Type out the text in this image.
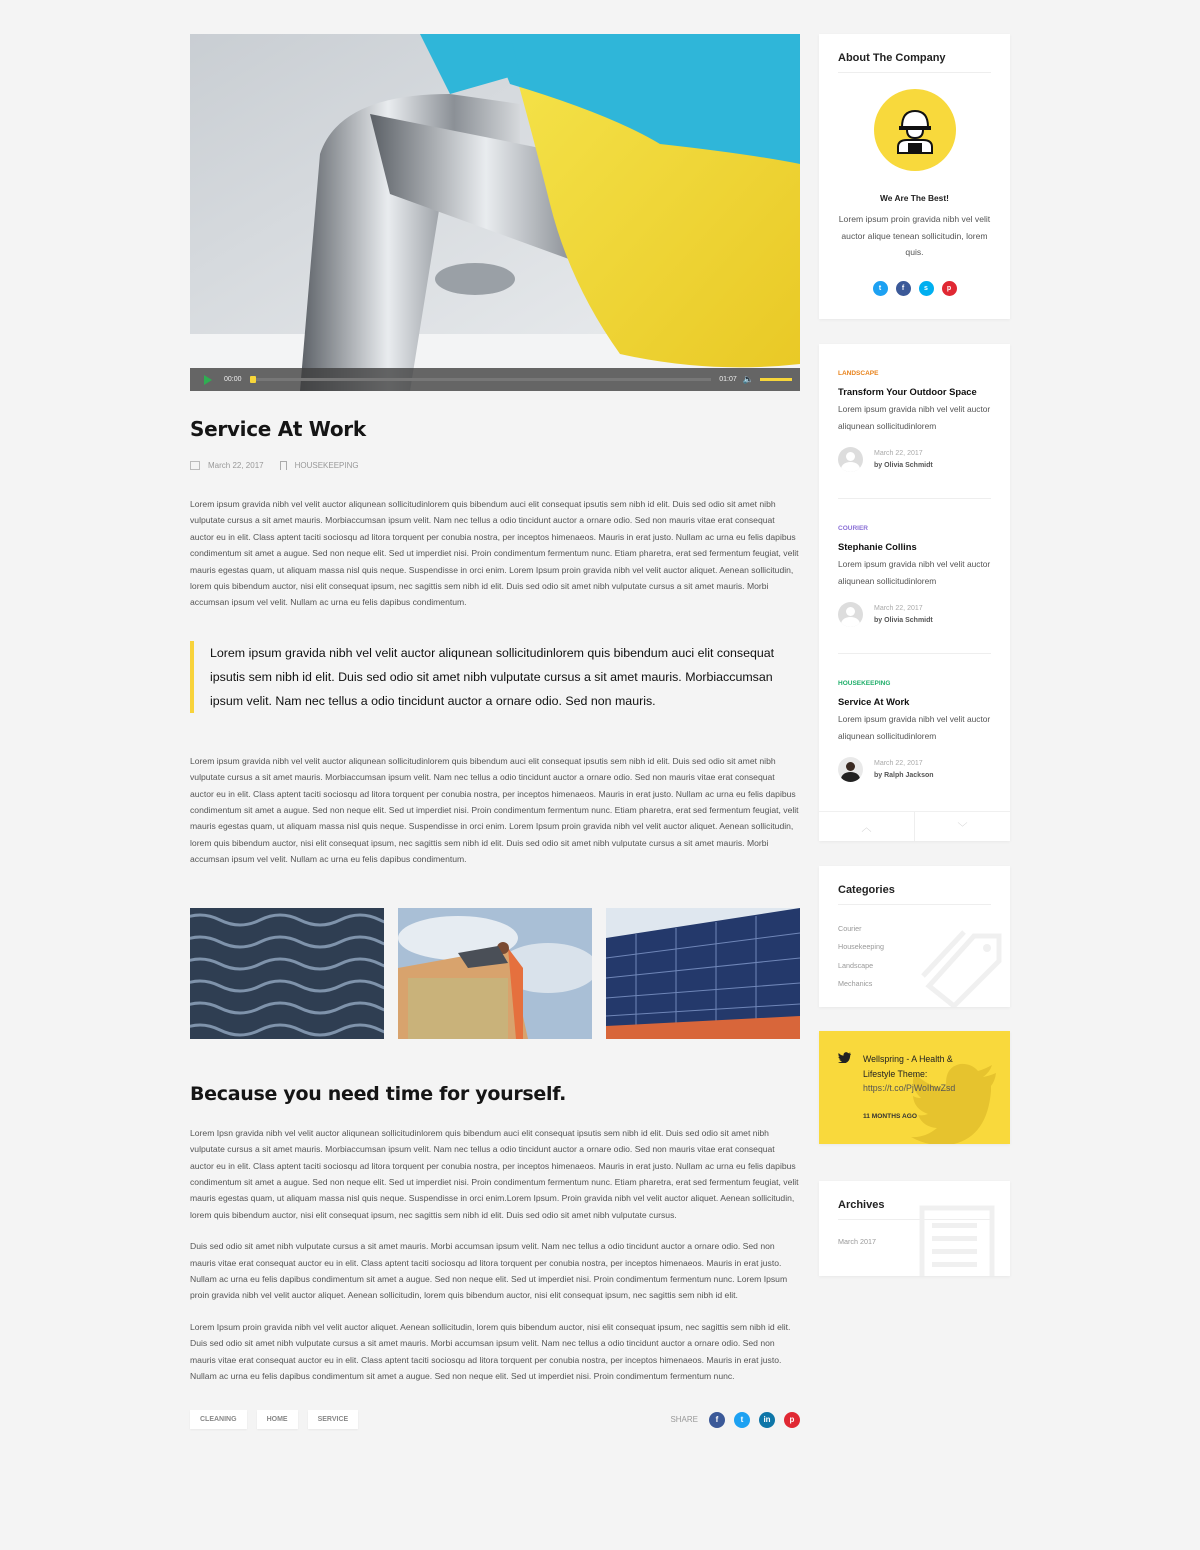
00:00	01:07 🔈
Service At Work
March 22, 2017	HOUSEKEEPING

Lorem ipsum gravida nibh vel velit auctor aliqunean sollicitudinlorem quis bibendum auci elit consequat ipsutis sem nibh id elit. Duis sed odio sit amet nibh vulputate cursus a sit amet mauris. Morbiaccumsan ipsum velit. Nam nec tellus a odio tincidunt auctor a ornare odio. Sed non mauris vitae erat consequat auctor eu in elit. Class aptent taciti sociosqu ad litora torquent per conubia nostra, per inceptos himenaeos. Mauris in erat justo. Nullam ac urna eu felis dapibus condimentum sit amet a augue. Sed non neque elit. Sed ut imperdiet nisi. Proin condimentum fermentum nunc. Etiam pharetra, erat sed fermentum feugiat, velit mauris egestas quam, ut aliquam massa nisl quis neque. Suspendisse in orci enim. Lorem Ipsum proin gravida nibh vel velit auctor aliquet. Aenean sollicitudin, lorem quis bibendum auctor, nisi elit consequat ipsum, nec sagittis sem nibh id elit. Duis sed odio sit amet nibh vulputate cursus a sit amet mauris. Morbi accumsan ipsum vel velit. Nullam ac urna eu felis dapibus condimentum.

Lorem ipsum gravida nibh vel velit auctor aliqunean sollicitudinlorem quis bibendum auci elit consequat ipsutis sem nibh id elit. Duis sed odio sit amet nibh vulputate cursus a sit amet mauris. Morbiaccumsan ipsum velit. Nam nec tellus a odio tincidunt auctor a ornare odio. Sed non mauris.

Lorem ipsum gravida nibh vel velit auctor aliqunean sollicitudinlorem quis bibendum auci elit consequat ipsutis sem nibh id elit. Duis sed odio sit amet nibh vulputate cursus a sit amet mauris. Morbiaccumsan ipsum velit. Nam nec tellus a odio tincidunt auctor a ornare odio. Sed non mauris vitae erat consequat auctor eu in elit. Class aptent taciti sociosqu ad litora torquent per conubia nostra, per inceptos himenaeos. Mauris in erat justo. Nullam ac urna eu felis dapibus condimentum sit amet a augue. Sed non neque elit. Sed ut imperdiet nisi. Proin condimentum fermentum nunc. Etiam pharetra, erat sed fermentum feugiat, velit mauris egestas quam, ut aliquam massa nisl quis neque. Suspendisse in orci enim. Lorem Ipsum proin gravida nibh vel velit auctor aliquet. Aenean sollicitudin, lorem quis bibendum auctor, nisi elit consequat ipsum, nec sagittis sem nibh id elit. Duis sed odio sit amet nibh vulputate cursus a sit amet mauris. Morbi accumsan ipsum vel velit. Nullam ac urna eu felis dapibus condimentum.

Because you need time for yourself.

Lorem Ipsn gravida nibh vel velit auctor aliqunean sollicitudinlorem quis bibendum auci elit consequat ipsutis sem nibh id elit. Duis sed odio sit amet nibh vulputate cursus a sit amet mauris. Morbiaccumsan ipsum velit. Nam nec tellus a odio tincidunt auctor a ornare odio. Sed non mauris vitae erat consequat auctor eu in elit. Class aptent taciti sociosqu ad litora torquent per conubia nostra, per inceptos himenaeos. Mauris in erat justo. Nullam ac urna eu felis dapibus condimentum sit amet a augue. Sed non neque elit. Sed ut imperdiet nisi. Proin condimentum fermentum nunc. Etiam pharetra, erat sed fermentum feugiat, velit mauris egestas quam, ut aliquam massa nisl quis neque. Suspendisse in orci enim.Lorem Ipsum. Proin gravida nibh vel velit auctor aliquet. Aenean sollicitudin, lorem quis bibendum auctor, nisi elit consequat ipsum, nec sagittis sem nibh id elit. Duis sed odio sit amet nibh vulputate cursus.

Duis sed odio sit amet nibh vulputate cursus a sit amet mauris. Morbi accumsan ipsum velit. Nam nec tellus a odio tincidunt auctor a ornare odio. Sed non mauris vitae erat consequat auctor eu in elit. Class aptent taciti sociosqu ad litora torquent per conubia nostra, per inceptos himenaeos. Mauris in erat justo. Nullam ac urna eu felis dapibus condimentum sit amet a augue. Sed non neque elit. Sed ut imperdiet nisi. Proin condimentum fermentum nunc. Lorem Ipsum proin gravida nibh vel velit auctor aliquet. Aenean sollicitudin, lorem quis bibendum auctor, nisi elit consequat ipsum, nec sagittis sem nibh id elit.

Lorem Ipsum proin gravida nibh vel velit auctor aliquet. Aenean sollicitudin, lorem quis bibendum auctor, nisi elit consequat ipsum, nec sagittis sem nibh id elit. Duis sed odio sit amet nibh vulputate cursus a sit amet mauris. Morbi accumsan ipsum velit. Nam nec tellus a odio tincidunt auctor a ornare odio. Sed non mauris vitae erat consequat auctor eu in elit. Class aptent taciti sociosqu ad litora torquent per conubia nostra, per inceptos himenaeos. Mauris in erat justo. Nullam ac urna eu felis dapibus condimentum sit amet a augue. Sed non neque elit. Sed ut imperdiet nisi. Proin condimentum fermentum nunc.

CLEANING	HOME	SERVICE	SHARE	f	t	in	p
About The Company
We Are The Best!
Lorem ipsum proin gravida nibh vel velit auctor alique tenean sollicitudin, lorem quis.
t	f	s	p
LANDSCAPE
Transform Your Outdoor Space
Lorem ipsum gravida nibh vel velit auctor aliqunean sollicitudinlorem
March 22, 2017
by Olivia Schmidt
COURIER
Stephanie Collins
Lorem ipsum gravida nibh vel velit auctor aliqunean sollicitudinlorem
March 22, 2017
by Olivia Schmidt
HOUSEKEEPING
Service At Work
Lorem ipsum gravida nibh vel velit auctor aliqunean sollicitudinlorem
March 22, 2017
by Ralph Jackson
︿	﹀
Categories
Courier
Housekeeping
Landscape
Mechanics
Wellspring - A Health & Lifestyle Theme:
https://t.co/PjWoIhwZsd
11 MONTHS AGO
Archives
March 2017
